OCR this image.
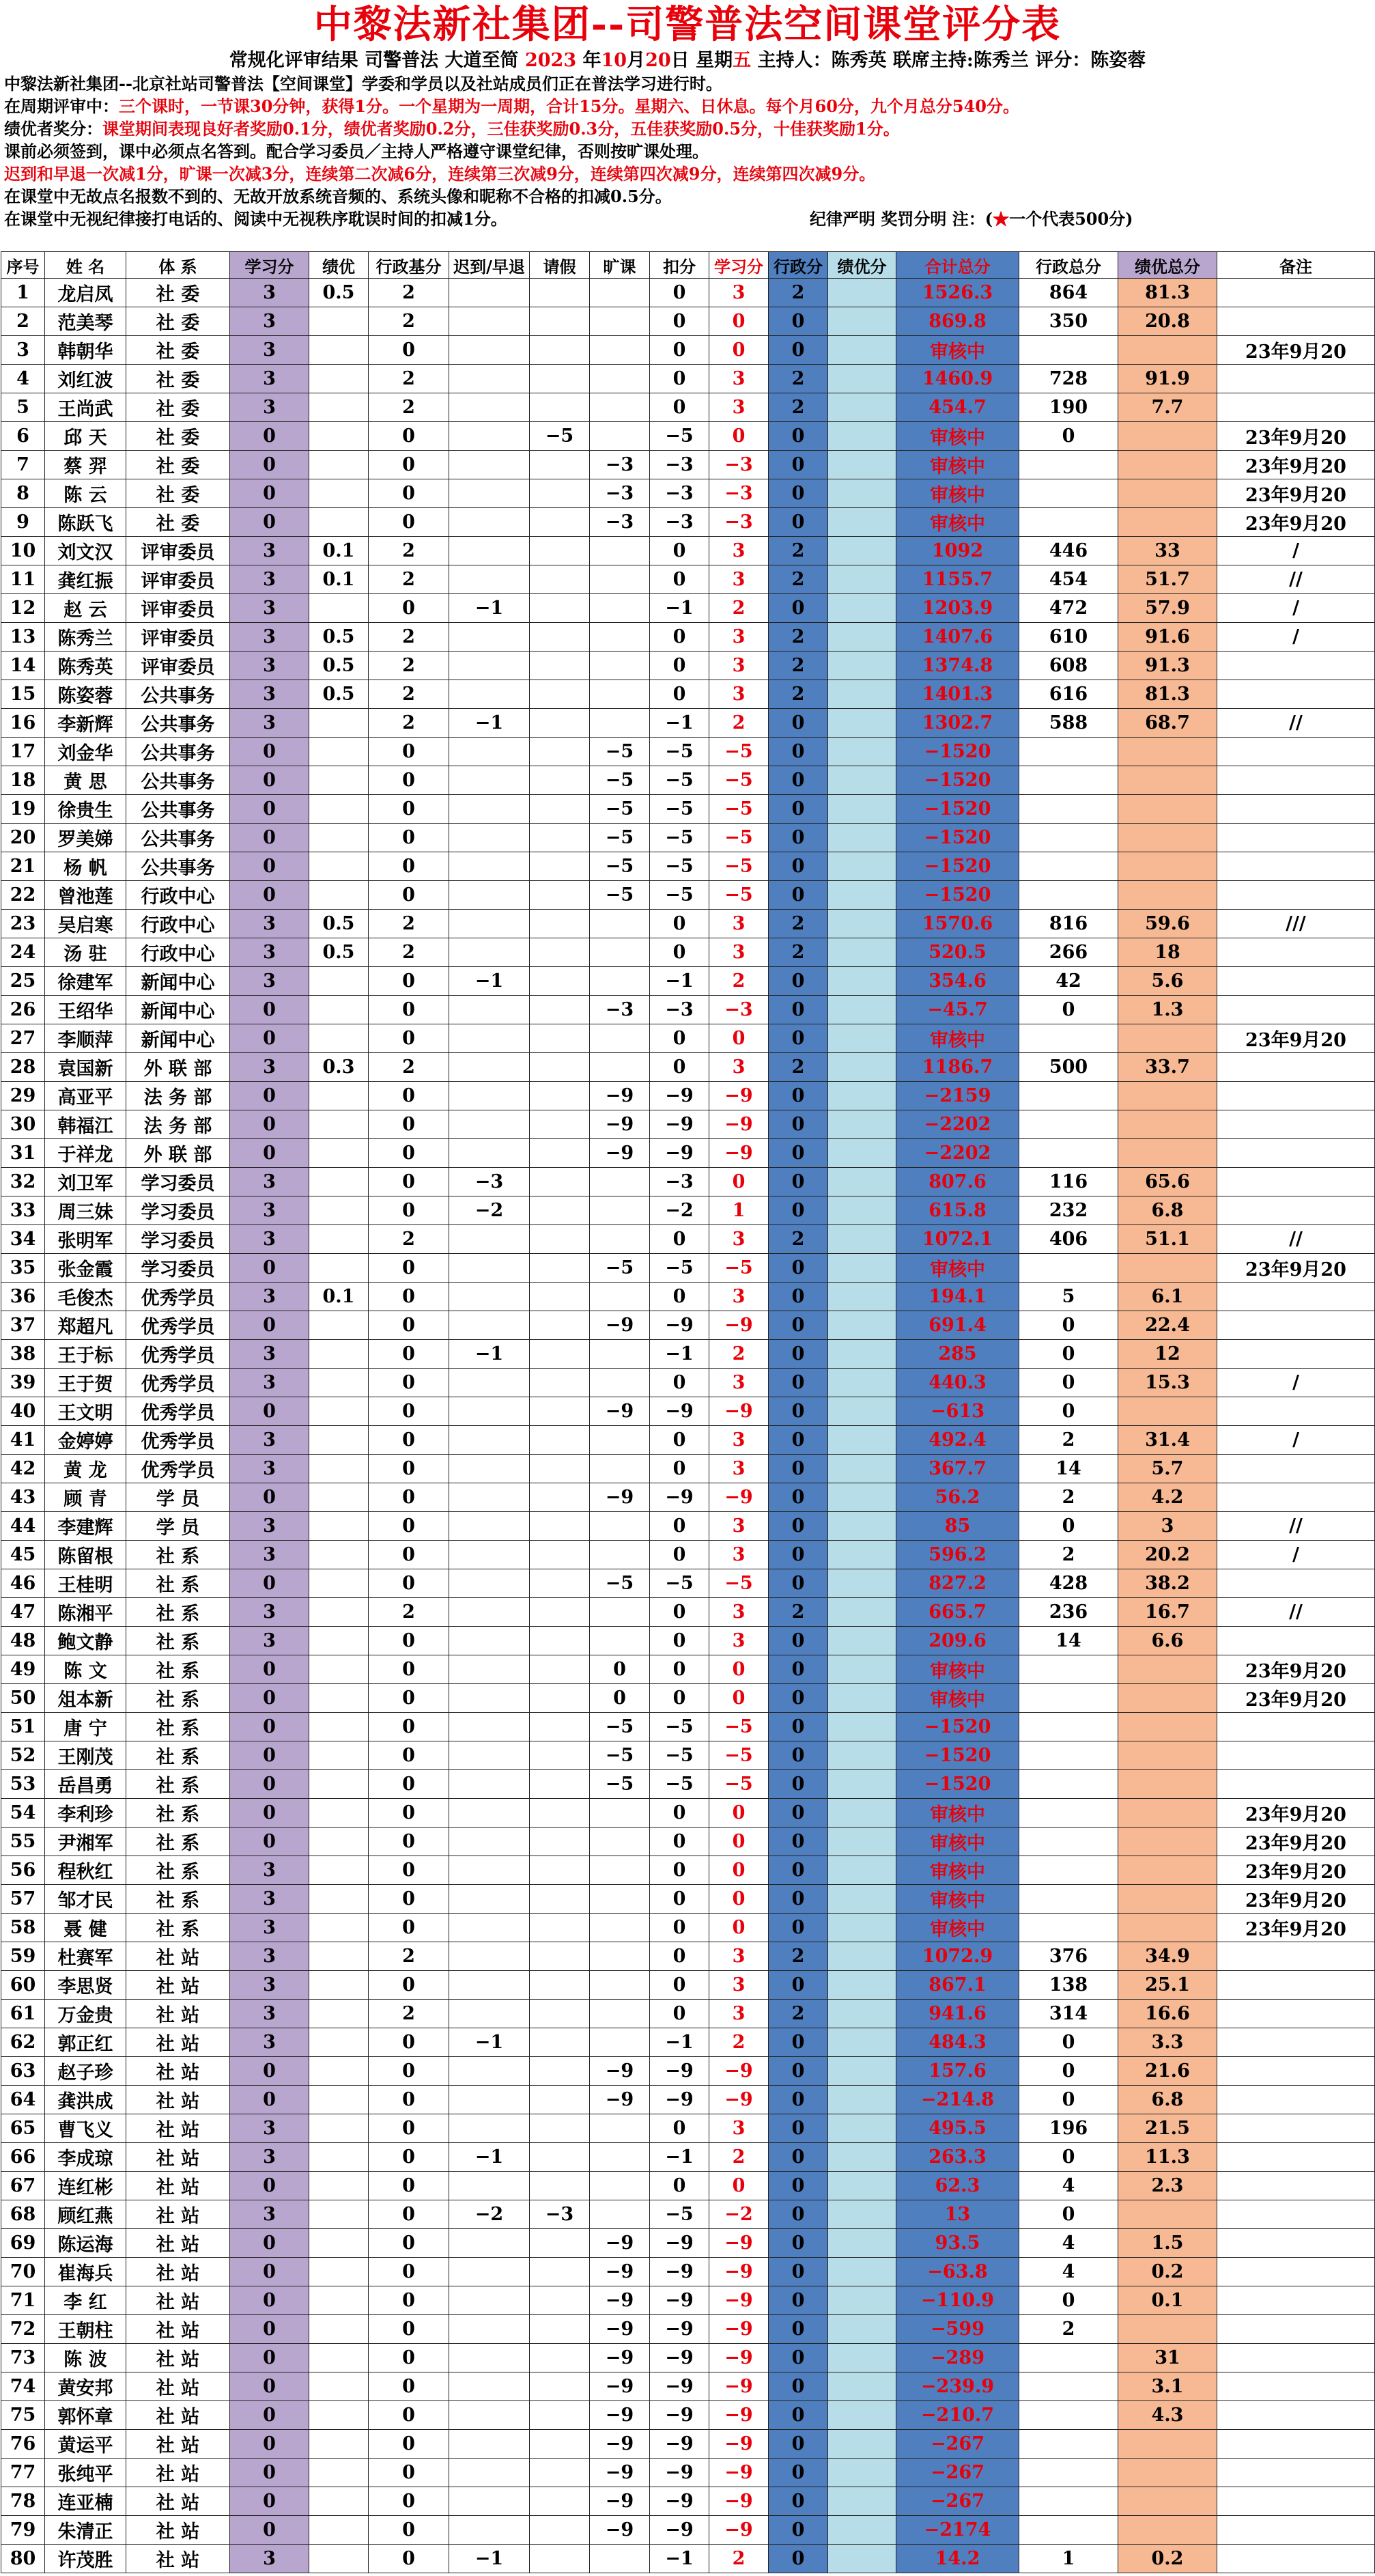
中黎法新社集团--司警普法空间课堂评分表
常规化评审结果 司警普法 大道至简 2023 年10月20日 星期五 主持人：陈秀英 联席主持:陈秀兰 评分：陈姿蓉
中黎法新社集团--北京社站司警普法【空间课堂】学委和学员以及社站成员们正在普法学习进行时。
在周期评审中：三个课时，一节课30分钟，获得1分。一个星期为一周期，合计15分。星期六、日休息。每个月60分，九个月总分540分。
绩优者奖分：课堂期间表现良好者奖励0.1分，绩优者奖励0.2分，三佳获奖励0.3分，五佳获奖励0.5分，十佳获奖励1分。
课前必须签到，课中必须点名答到。配合学习委员／主持人严格遵守课堂纪律，否则按旷课处理。
迟到和早退一次减1分，旷课一次减3分，连续第二次减6分，连续第三次减9分，连续第四次减9分，连续第四次减9分。
在课堂中无故点名报数不到的、无故开放系统音频的、系统头像和昵称不合格的扣减0.5分。
在课堂中无视纪律接打电话的、阅读中无视秩序耽误时间的扣减1分。	纪律严明 奖罚分明 注：(★一个代表500分)
序号	姓 名	体 系	学习分	绩优	行政基分	迟到/早退	请假	旷课	扣分	学习分	行政分	绩优分	合计总分	行政总分	绩优总分	备注
1	龙启凤	社 委	3	0.5	2				0	3	2		1526.3	864	81.3	
2	范美琴	社 委	3		2				0	0	0		869.8	350	20.8	
3	韩朝华	社 委	3		0				0	0	0		审核中			23年9月20
4	刘红波	社 委	3		2				0	3	2		1460.9	728	91.9	
5	王尚武	社 委	3		2				0	3	2		454.7	190	7.7	
6	邱 天	社 委	0		0		−5		−5	0	0		审核中	0		23年9月20
7	蔡 羿	社 委	0		0			−3	−3	−3	0		审核中			23年9月20
8	陈 云	社 委	0		0			−3	−3	−3	0		审核中			23年9月20
9	陈跃飞	社 委	0		0			−3	−3	−3	0		审核中			23年9月20
10	刘文汉	评审委员	3	0.1	2				0	3	2		1092	446	33	/
11	龚红振	评审委员	3	0.1	2				0	3	2		1155.7	454	51.7	//
12	赵 云	评审委员	3		0	−1			−1	2	0		1203.9	472	57.9	/
13	陈秀兰	评审委员	3	0.5	2				0	3	2		1407.6	610	91.6	/
14	陈秀英	评审委员	3	0.5	2				0	3	2		1374.8	608	91.3	
15	陈姿蓉	公共事务	3	0.5	2				0	3	2		1401.3	616	81.3	
16	李新辉	公共事务	3		2	−1			−1	2	0		1302.7	588	68.7	//
17	刘金华	公共事务	0		0			−5	−5	−5	0		−1520			
18	黄 思	公共事务	0		0			−5	−5	−5	0		−1520			
19	徐贵生	公共事务	0		0			−5	−5	−5	0		−1520			
20	罗美娣	公共事务	0		0			−5	−5	−5	0		−1520			
21	杨 帆	公共事务	0		0			−5	−5	−5	0		−1520			
22	曾池莲	行政中心	0		0			−5	−5	−5	0		−1520			
23	吴启寒	行政中心	3	0.5	2				0	3	2		1570.6	816	59.6	///
24	汤 驻	行政中心	3	0.5	2				0	3	2		520.5	266	18	
25	徐建军	新闻中心	3		0	−1			−1	2	0		354.6	42	5.6	
26	王绍华	新闻中心	0		0			−3	−3	−3	0		−45.7	0	1.3	
27	李顺萍	新闻中心	0		0				0	0	0		审核中			23年9月20
28	袁国新	外 联 部	3	0.3	2				0	3	2		1186.7	500	33.7	
29	高亚平	法 务 部	0		0			−9	−9	−9	0		−2159			
30	韩福江	法 务 部	0		0			−9	−9	−9	0		−2202			
31	于祥龙	外 联 部	0		0			−9	−9	−9	0		−2202			
32	刘卫军	学习委员	3		0	−3			−3	0	0		807.6	116	65.6	
33	周三妹	学习委员	3		0	−2			−2	1	0		615.8	232	6.8	
34	张明军	学习委员	3		2				0	3	2		1072.1	406	51.1	//
35	张金霞	学习委员	0		0			−5	−5	−5	0		审核中			23年9月20
36	毛俊杰	优秀学员	3	0.1	0				0	3	0		194.1	5	6.1	
37	郑超凡	优秀学员	0		0			−9	−9	−9	0		691.4	0	22.4	
38	王于标	优秀学员	3		0	−1			−1	2	0		285	0	12	
39	王于贺	优秀学员	3		0				0	3	0		440.3	0	15.3	/
40	王文明	优秀学员	0		0			−9	−9	−9	0		−613	0		
41	金婷婷	优秀学员	3		0				0	3	0		492.4	2	31.4	/
42	黄 龙	优秀学员	3		0				0	3	0		367.7	14	5.7	
43	顾 青	学 员	0		0			−9	−9	−9	0		56.2	2	4.2	
44	李建辉	学 员	3		0				0	3	0		85	0	3	//
45	陈留根	社 系	3		0				0	3	0		596.2	2	20.2	/
46	王桂明	社 系	0		0			−5	−5	−5	0		827.2	428	38.2	
47	陈湘平	社 系	3		2				0	3	2		665.7	236	16.7	//
48	鲍文静	社 系	3		0				0	3	0		209.6	14	6.6	
49	陈 文	社 系	0		0			0	0	0	0		审核中			23年9月20
50	俎本新	社 系	0		0			0	0	0	0		审核中			23年9月20
51	唐 宁	社 系	0		0			−5	−5	−5	0		−1520			
52	王刚茂	社 系	0		0			−5	−5	−5	0		−1520			
53	岳昌勇	社 系	0		0			−5	−5	−5	0		−1520			
54	李利珍	社 系	0		0				0	0	0		审核中			23年9月20
55	尹湘军	社 系	0		0				0	0	0		审核中			23年9月20
56	程秋红	社 系	3		0				0	0	0		审核中			23年9月20
57	邹才民	社 系	3		0				0	0	0		审核中			23年9月20
58	聂 健	社 系	3		0				0	0	0		审核中			23年9月20
59	杜赛军	社 站	3		2				0	3	2		1072.9	376	34.9	
60	李思贤	社 站	3		0				0	3	0		867.1	138	25.1	
61	万金贵	社 站	3		2				0	3	2		941.6	314	16.6	
62	郭正红	社 站	3		0	−1			−1	2	0		484.3	0	3.3	
63	赵子珍	社 站	0		0			−9	−9	−9	0		157.6	0	21.6	
64	龚洪成	社 站	0		0			−9	−9	−9	0		−214.8	0	6.8	
65	曹飞义	社 站	3		0				0	3	0		495.5	196	21.5	
66	李成琼	社 站	3		0	−1			−1	2	0		263.3	0	11.3	
67	连红彬	社 站	0		0				0	0	0		62.3	4	2.3	
68	顾红燕	社 站	3		0	−2	−3		−5	−2	0		13	0		
69	陈运海	社 站	0		0			−9	−9	−9	0		93.5	4	1.5	
70	崔海兵	社 站	0		0			−9	−9	−9	0		−63.8	4	0.2	
71	李 红	社 站	0		0			−9	−9	−9	0		−110.9	0	0.1	
72	王朝柱	社 站	0		0			−9	−9	−9	0		−599	2		
73	陈 波	社 站	0		0			−9	−9	−9	0		−289		31	
74	黄安邦	社 站	0		0			−9	−9	−9	0		−239.9		3.1	
75	郭怀章	社 站	0		0			−9	−9	−9	0		−210.7		4.3	
76	黄运平	社 站	0		0			−9	−9	−9	0		−267			
77	张纯平	社 站	0		0			−9	−9	−9	0		−267			
78	连亚楠	社 站	0		0			−9	−9	−9	0		−267			
79	朱清正	社 站	0		0			−9	−9	−9	0		−2174			
80	许茂胜	社 站	3		0	−1			−1	2	0		14.2	1	0.2	
